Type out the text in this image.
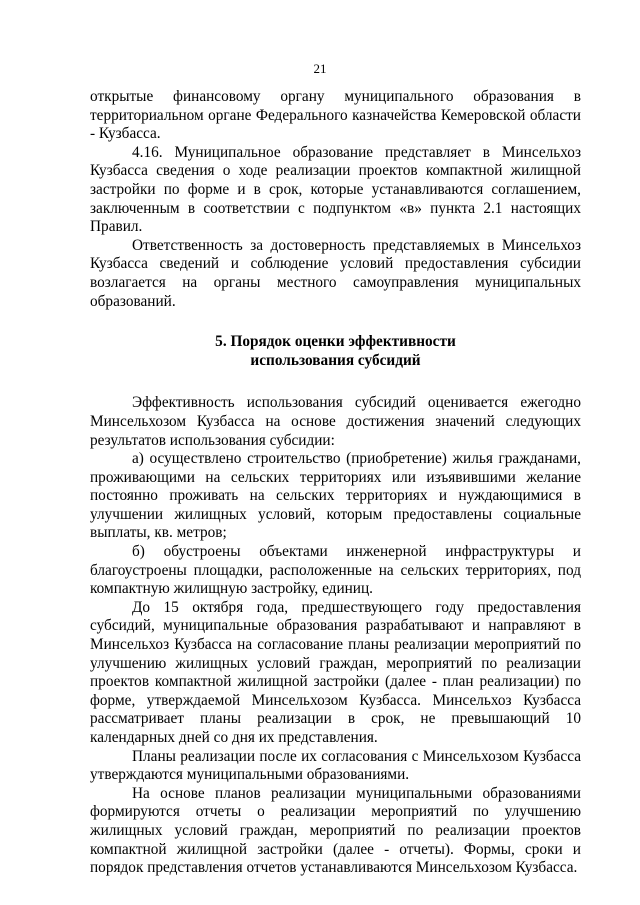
21

открытые финансовому органу муниципального образования в территориальном органе Федерального казначейства Кемеровской области - Кузбасса.

4.16. Муниципальное образование представляет в Минсельхоз Кузбасса сведения о ходе реализации проектов компактной жилищной застройки по форме и в срок, которые устанавливаются соглашением, заключенным в соответствии с подпунктом «в» пункта 2.1 настоящих Правил.

Ответственность за достоверность представляемых в Минсельхоз Кузбасса сведений и соблюдение условий предоставления субсидии возлагается на органы местного самоуправления муниципальных образований.

5. Порядок оценки эффективности
использования субсидий

Эффективность использования субсидий оценивается ежегодно Минсельхозом Кузбасса на основе достижения значений следующих результатов использования субсидии:

а) осуществлено строительство (приобретение) жилья гражданами, проживающими на сельских территориях или изъявившими желание постоянно проживать на сельских территориях и нуждающимися в улучшении жилищных условий, которым предоставлены социальные выплаты, кв. метров;

б) обустроены объектами инженерной инфраструктуры и благоустроены площадки, расположенные на сельских территориях, под компактную жилищную застройку, единиц.

До 15 октября года, предшествующего году предоставления субсидий, муниципальные образования разрабатывают и направляют в Минсельхоз Кузбасса на согласование планы реализации мероприятий по улучшению жилищных условий граждан, мероприятий по реализации проектов компактной жилищной застройки (далее - план реализации) по форме, утверждаемой Минсельхозом Кузбасса. Минсельхоз Кузбасса рассматривает планы реализации в срок, не превышающий 10 календарных дней со дня их представления.

Планы реализации после их согласования с Минсельхозом Кузбасса утверждаются муниципальными образованиями.

На основе планов реализации муниципальными образованиями формируются отчеты о реализации мероприятий по улучшению жилищных условий граждан, мероприятий по реализации проектов компактной жилищной застройки (далее - отчеты). Формы, сроки и порядок представления отчетов устанавливаются Минсельхозом Кузбасса.
